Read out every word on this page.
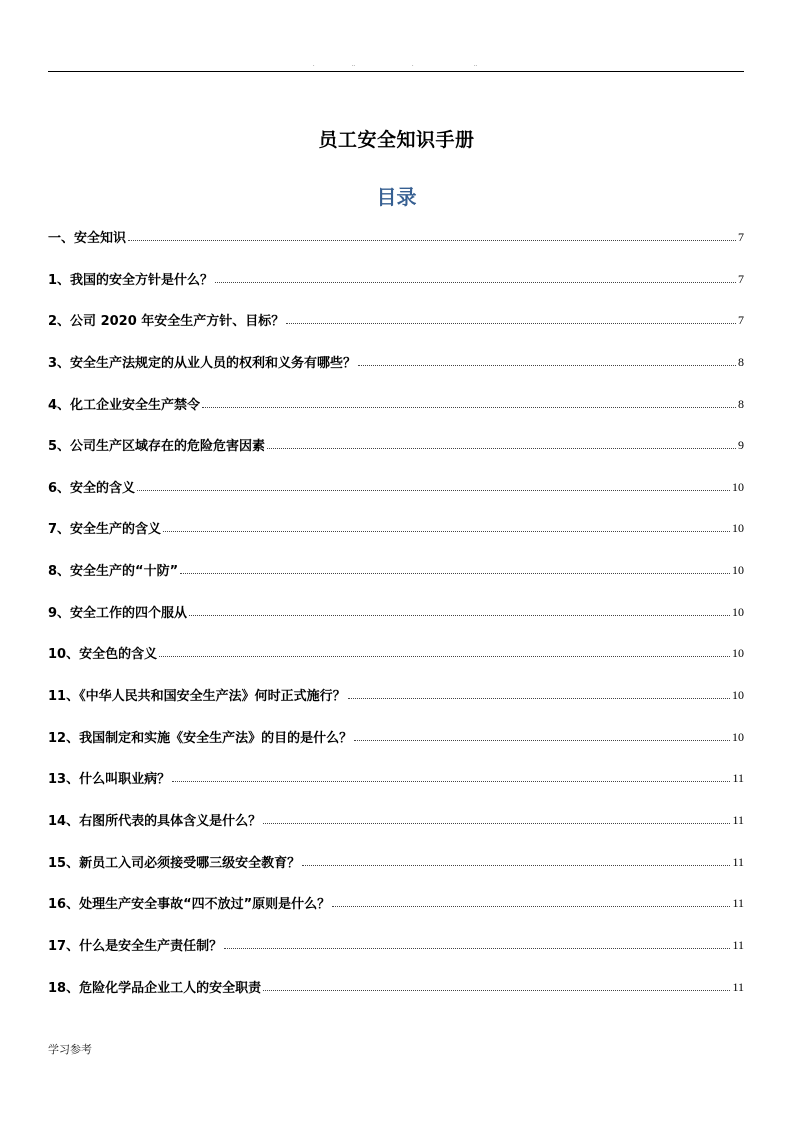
.	..	.	..
员工安全知识手册
目录
一、安全知识	7
1、我国的安全方针是什么？	7
2、公司 2020 年安全生产方针、目标？	7
3、安全生产法规定的从业人员的权利和义务有哪些？	8
4、化工企业安全生产禁令	8
5、公司生产区域存在的危险危害因素	9
6、安全的含义	10
7、安全生产的含义	10
8、安全生产的“十防”	10
9、安全工作的四个服从	10
10、安全色的含义	10
11、《中华人民共和国安全生产法》何时正式施行？	10
12、我国制定和实施《安全生产法》的目的是什么？	10
13、什么叫职业病？	11
14、右图所代表的具体含义是什么？	11
15、新员工入司必须接受哪三级安全教育？	11
16、处理生产安全事故“四不放过”原则是什么？	11
17、什么是安全生产责任制？	11
18、危险化学品企业工人的安全职责	11
学习参考
